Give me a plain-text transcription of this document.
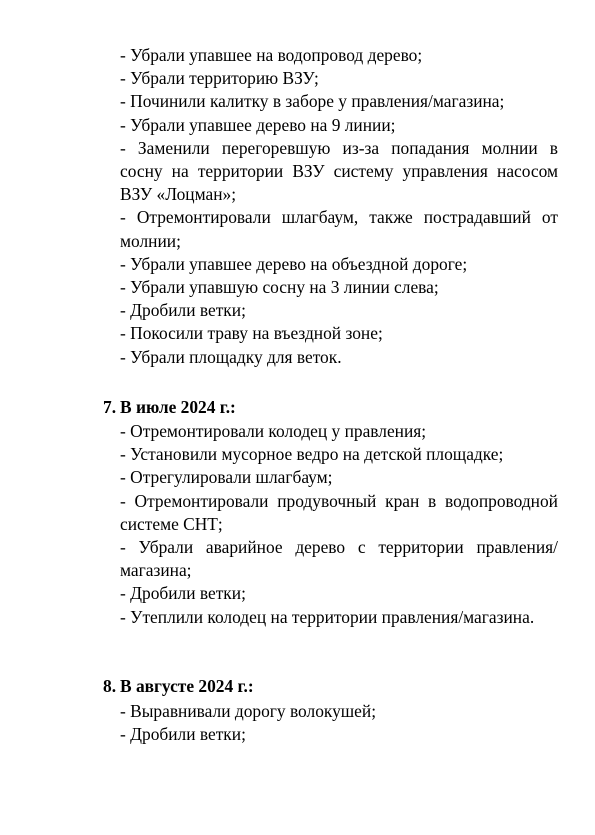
- Убрали упавшее на водопровод дерево;

- Убрали территорию ВЗУ;

- Починили калитку в заборе у правления/магазина;

- Убрали упавшее дерево на 9 линии;

- Заменили перегоревшую из-за попадания молнии в сосну на территории ВЗУ систему управления насосом ВЗУ «Лоцман»;

- Отремонтировали шлагбаум, также пострадавший от молнии;

- Убрали упавшее дерево на объездной дороге;

- Убрали упавшую сосну на 3 линии слева;

- Дробили ветки;

- Покосили траву на въездной зоне;

- Убрали площадку для веток.

7. В июле 2024 г.:

- Отремонтировали колодец у правления;

- Установили мусорное ведро на детской площадке;

- Отрегулировали шлагбаум;

- Отремонтировали продувочный кран в водопроводной системе СНТ;

- Убрали аварийное дерево с территории правления/магазина;

- Дробили ветки;

- Утеплили колодец на территории правления/магазина.

8. В августе 2024 г.:

- Выравнивали дорогу волокушей;

- Дробили ветки;
